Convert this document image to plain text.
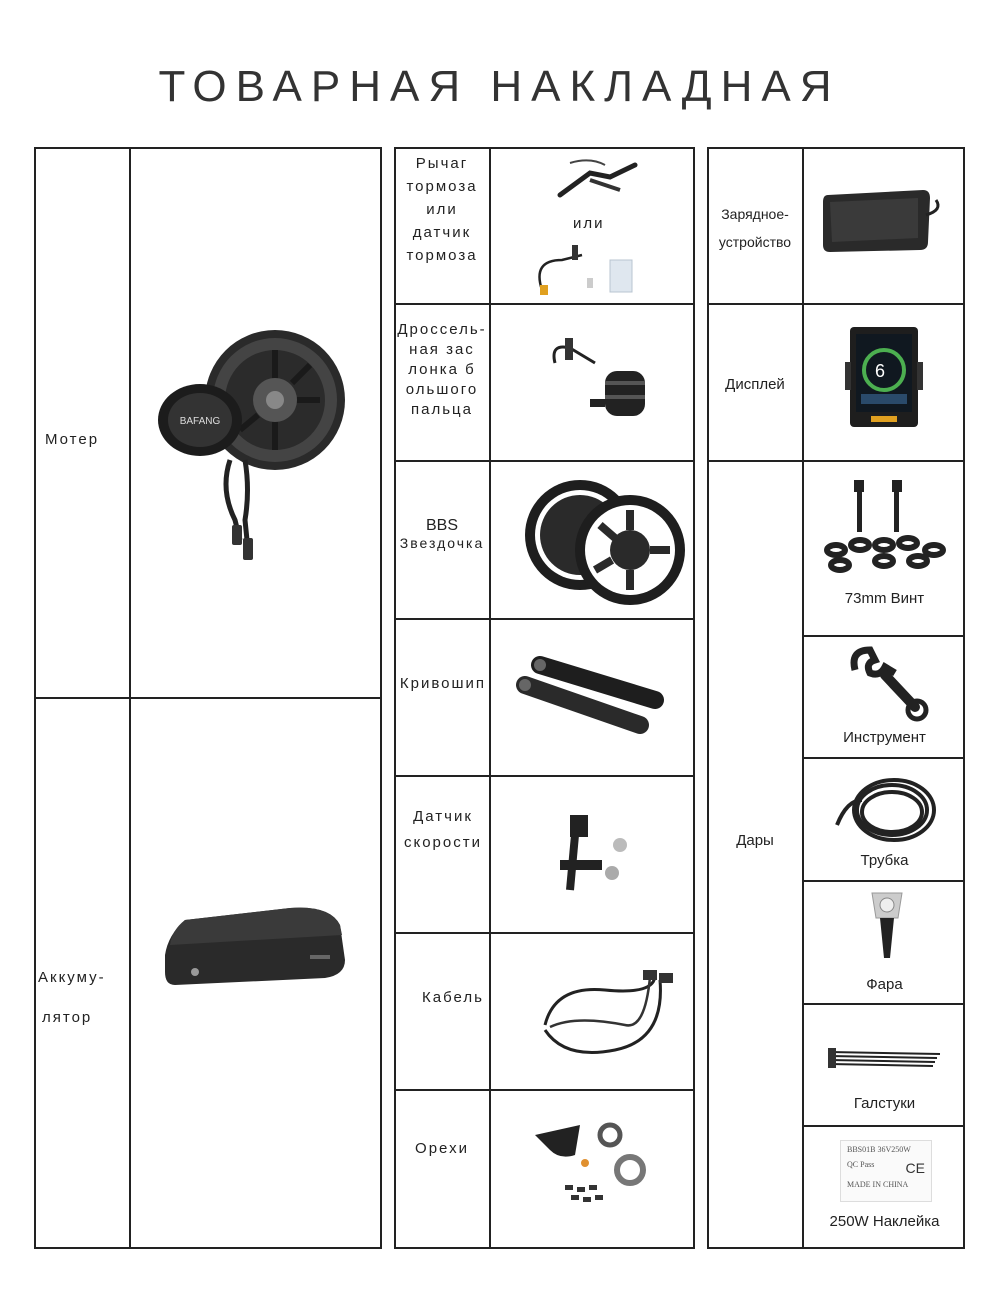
ТОВАРНАЯ НАКЛАДНАЯ
Мотер
Аккуму-
лятор
BAFANG
Рычаг
тормоза
или
датчик
тормоза
или
Дроссель-
ная зас
лонка б
ольшого
пальца
BBS
Звездочка
Кривошип
Датчик
скорости
Кабель
Орехи
Зарядное-
устройство
Дисплей
Дары
6
73mm Винт
Инструмент
Трубка
Фара
Галстуки
BBS01B 36V250W
QC Pass CE
MADE IN CHINA
250W Наклейка
